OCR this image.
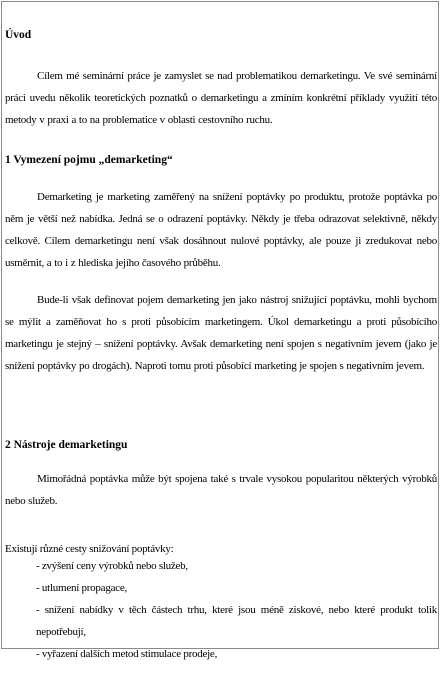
Úvod

Cílem mé seminární práce je zamyslet se nad problematikou demarketingu. Ve své seminární práci uvedu několik teoretických poznatků o demarketingu a zmíním konkrétní příklady využití této metody v praxi a to na problematice v oblasti cestovního ruchu.

1 Vymezení pojmu „demarketing“

Demarketing je marketing zaměřený na snížení poptávky po produktu, protože poptávka po něm je větší než nabídka. Jedná se o odrazení poptávky. Někdy je třeba odrazovat selektivně, někdy celkově. Cílem demarketingu není však dosáhnout nulové poptávky, ale pouze ji zredukovat nebo usměrnit, a to i z hlediska jejího časového průběhu.

Bude-li však definovat pojem demarketing jen jako nástroj snižující poptávku, mohli bychom se mýlit a zaměňovat ho s proti působícím marketingem. Úkol demarketingu a proti působícího marketingu je stejný – snížení poptávky. Avšak demarketing není spojen s negativním jevem (jako je snížení poptávky po drogách). Naproti tomu proti působící marketing je spojen s negativním jevem.

2 Nástroje demarketingu

Mimořádná poptávka může být spojena také s trvale vysokou popularitou některých výrobků nebo služeb.

Existují různé cesty snižování poptávky:
- zvýšení ceny výrobků nebo služeb,
- utlumení propagace,
- snížení nabídky v těch částech trhu, které jsou méně ziskové, nebo které produkt tolik nepotřebují,
- vyřazení dalších metod stimulace prodeje,
